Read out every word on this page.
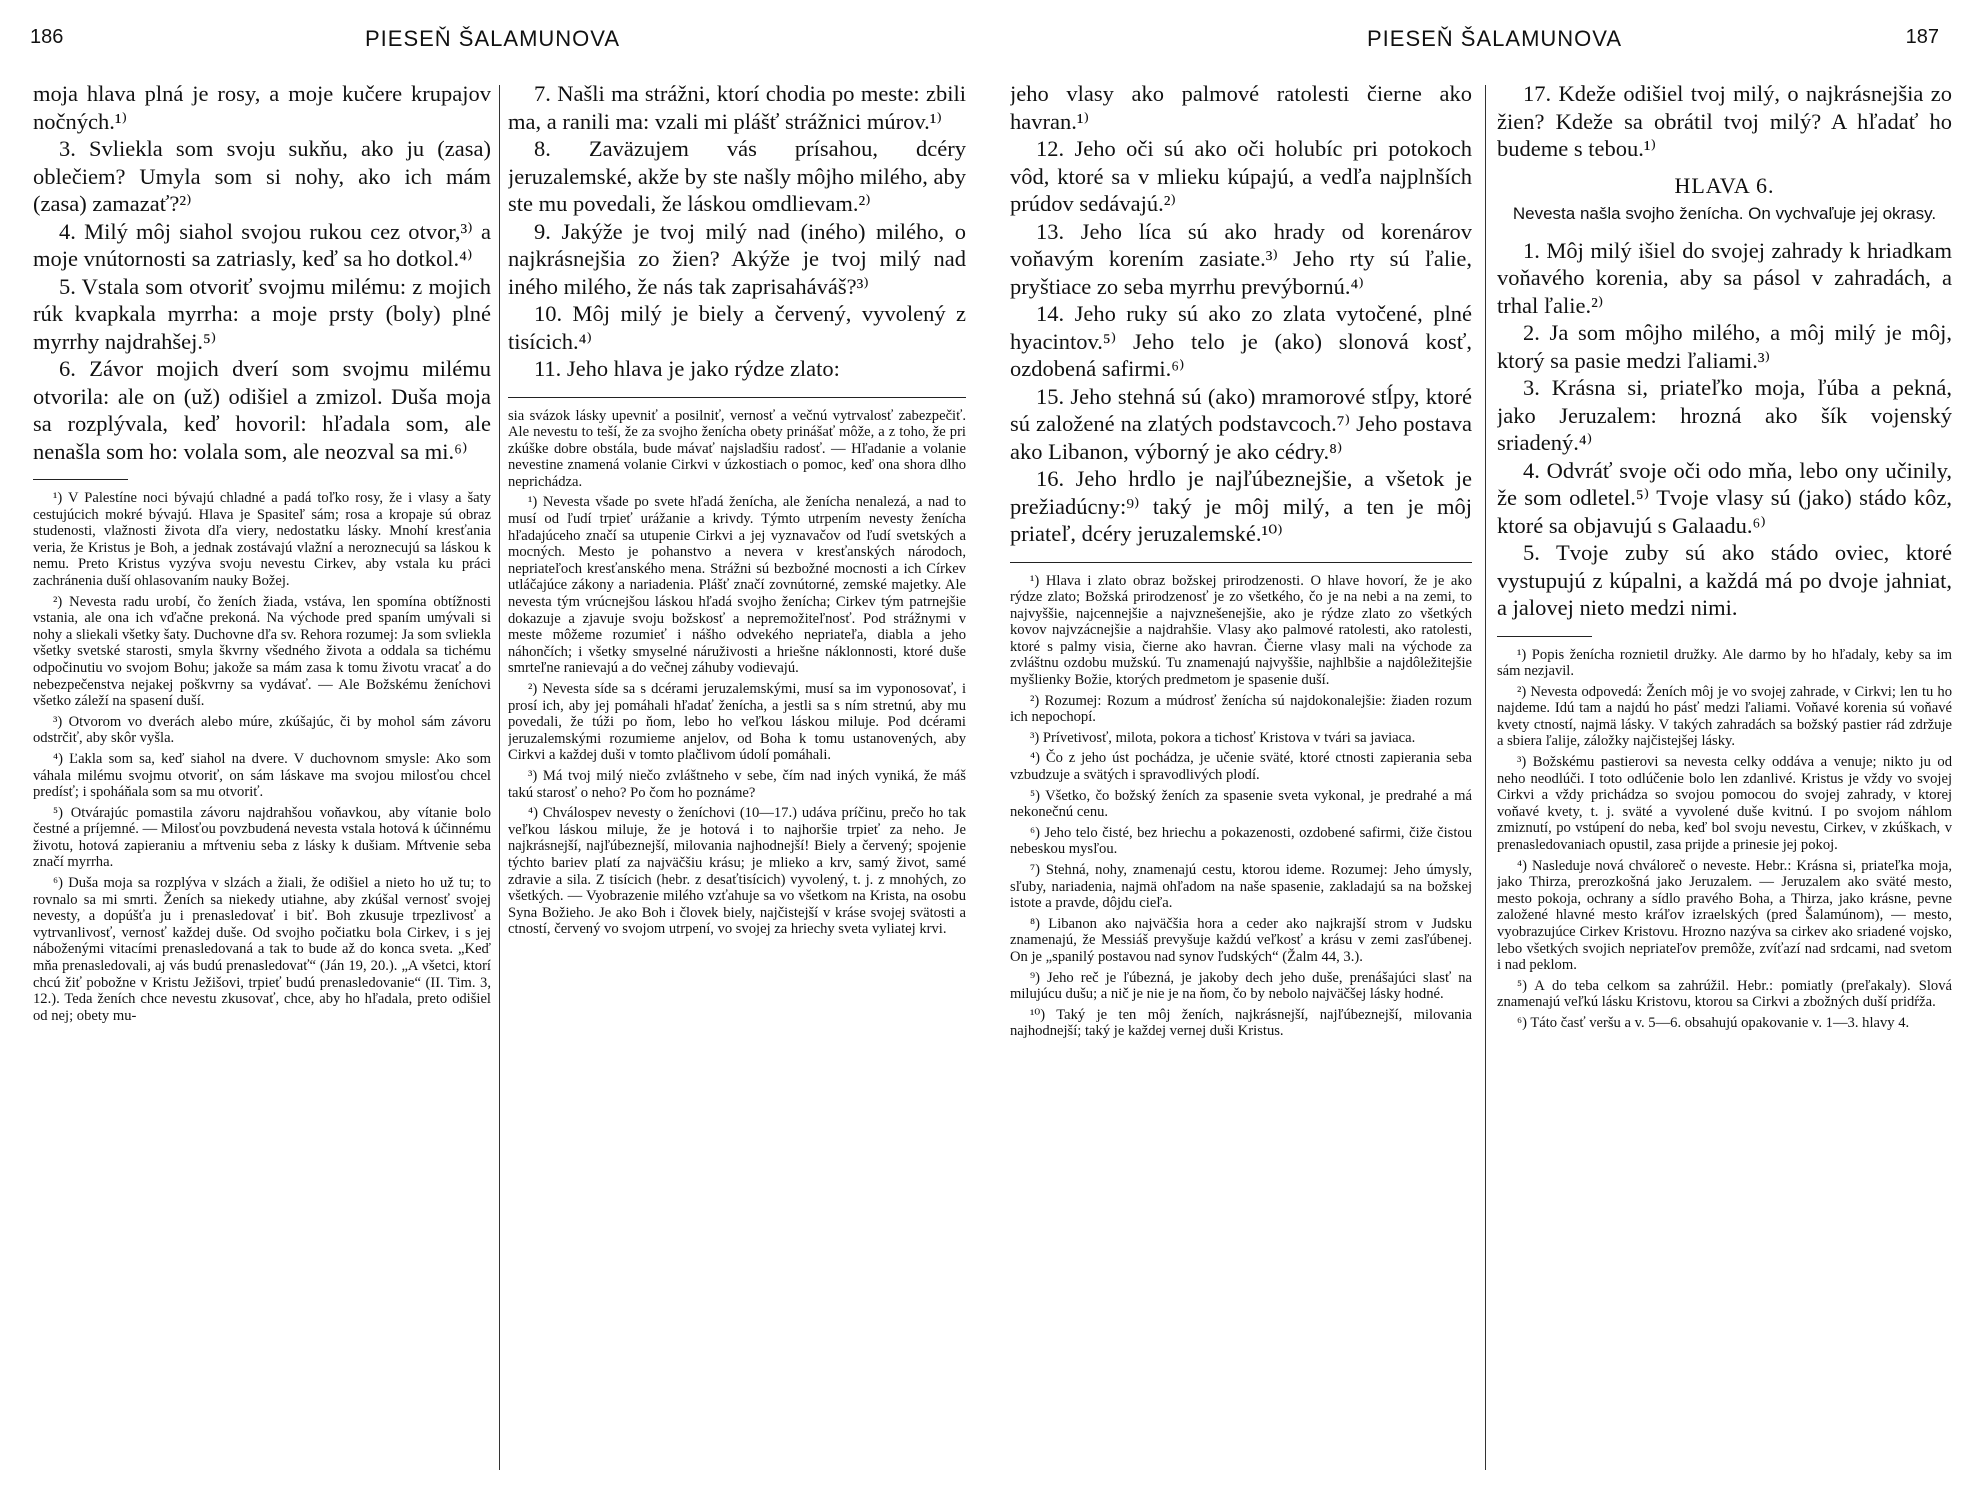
186	PIESEŇ ŠALAMUNOVA

moja hlava plná je rosy, a moje kučere krupajov nočných.¹⁾

3. Svliekla som svoju sukňu, ako ju (zasa) oblečiem? Umyla som si nohy, ako ich mám (zasa) zamazať?²⁾

4. Milý môj siahol svojou rukou cez otvor,³⁾ a moje vnútornosti sa zatriasly, keď sa ho dotkol.⁴⁾

5. Vstala som otvoriť svojmu milému: z mojich rúk kvapkala myrrha: a moje prsty (boly) plné myrrhy najdrahšej.⁵⁾

6. Závor mojich dverí som svojmu milému otvorila: ale on (už) odišiel a zmizol. Duša moja sa rozplývala, keď hovoril: hľadala som, ale nenašla som ho: volala som, ale neozval sa mi.⁶⁾

¹) V Palestíne noci bývajú chladné a padá toľko rosy, že i vlasy a šaty cestujúcich mokré bývajú. Hlava je Spasiteľ sám; rosa a kropaje sú obraz studenosti, vlažnosti života dľa viery, nedostatku lásky. Mnohí kresťania veria, že Kristus je Boh, a jednak zostávajú vlažní a neroznecujú sa láskou k nemu. Preto Kristus vyzýva svoju nevestu Cirkev, aby vstala ku práci zachránenia duší ohlasovaním nauky Božej.

²) Nevesta radu urobí, čo ženích žiada, vstáva, len spomína obtížnosti vstania, ale ona ich vďačne prekoná. Na východe pred spaním umývali si nohy a sliekali všetky šaty. Duchovne dľa sv. Rehora rozumej: Ja som svliekla všetky svetské starosti, smyla škvrny všedného života a oddala sa tichému odpočinutiu vo svojom Bohu; jakože sa mám zasa k tomu životu vracať a do nebezpečenstva nejakej poškvrny sa vydávať. — Ale Božskému ženíchovi všetko záleží na spasení duší.

³) Otvorom vo dverách alebo múre, zkúšajúc, či by mohol sám závoru odstrčiť, aby skôr vyšla.

⁴) Ľakla som sa, keď siahol na dvere. V duchovnom smysle: Ako som váhala milému svojmu otvoriť, on sám láskave ma svojou milosťou chcel predísť; i spoháňala som sa mu otvoriť.

⁵) Otvárajúc pomastila závoru najdrahšou voňavkou, aby vítanie bolo čestné a príjemné. — Milosťou povzbudená nevesta vstala hotová k účinnému životu, hotová zapieraniu a mŕtveniu seba z lásky k dušiam. Mŕtvenie seba značí myrrha.

⁶) Duša moja sa rozplýva v slzách a žiali, že odišiel a nieto ho už tu; to rovnalo sa mi smrti. Ženích sa niekedy utiahne, aby zkúšal vernosť svojej nevesty, a dopúšťa ju i prenasledovať i biť. Boh zkusuje trpezlivosť a vytrvanlivosť, vernosť každej duše. Od svojho počiatku bola Cirkev, i s jej náboženými vitacími prenasledovaná a tak to bude až do konca sveta. „Keď mňa prenasledovali, aj vás budú prenasledovať“ (Ján 19, 20.). „A všetci, ktorí chcú žiť pobožne v Kristu Ježišovi, trpieť budú prenasledovanie“ (II. Tim. 3, 12.). Teda ženích chce nevestu zkusovať, chce, aby ho hľadala, preto odišiel od nej; obety mu-

7. Našli ma strážni, ktorí chodia po meste: zbili ma, a ranili ma: vzali mi plášť strážnici múrov.¹⁾

8. Zaväzujem vás prísahou, dcéry jeruzalemské, akže by ste našly môjho milého, aby ste mu povedali, že láskou omdlievam.²⁾

9. Jakýže je tvoj milý nad (iného) milého, o najkrásnejšia zo žien? Akýže je tvoj milý nad iného milého, že nás tak zaprisaháváš?³⁾

10. Môj milý je biely a červený, vyvolený z tisícich.⁴⁾

11. Jeho hlava je jako rýdze zlato:

sia svázok lásky upevniť a posilniť, vernosť a večnú vytrvalosť zabezpečiť. Ale nevestu to teší, že za svojho ženícha obety prinášať môže, a z toho, že pri zkúške dobre obstála, bude mávať najsladšiu radosť. — Hľadanie a volanie nevestine znamená volanie Cirkvi v úzkostiach o pomoc, keď ona shora dlho neprichádza.

¹) Nevesta všade po svete hľadá ženícha, ale ženícha nenalezá, a nad to musí od ľudí trpieť urážanie a krivdy. Týmto utrpením nevesty ženícha hľadajúceho značí sa utupenie Cirkvi a jej vyznavačov od ľudí svetských a mocných. Mesto je pohanstvo a nevera v kresťanských národoch, nepriateľoch kresťanského mena. Strážni sú bezbožné mocnosti a ich Církev utláčajúce zákony a nariadenia. Plášť značí zovnútorné, zemské majetky. Ale nevesta tým vrúcnejšou láskou hľadá svojho ženícha; Cirkev tým patrnejšie dokazuje a zjavuje svoju božskosť a nepremožiteľnosť. Pod strážnymi v meste môžeme rozumieť i nášho odvekého nepriateľa, diabla a jeho náhončích; i všetky smyselné náruživosti a hriešne náklonnosti, ktoré duše smrteľne ranievajú a do večnej záhuby vodievajú.

²) Nevesta síde sa s dcérami jeruzalemskými, musí sa im vyponosovať, i prosí ich, aby jej pomáhali hľadať ženícha, a jestli sa s ním stretnú, aby mu povedali, že túži po ňom, lebo ho veľkou láskou miluje. Pod dcérami jeruzalemskými rozumieme anjelov, od Boha k tomu ustanovených, aby Cirkvi a každej duši v tomto plačlivom údolí pomáhali.

³) Má tvoj milý niečo zvláštneho v sebe, čím nad iných vyniká, že máš takú starosť o neho? Po čom ho poznáme?

⁴) Chválospev nevesty o ženíchovi (10—17.) udáva príčinu, prečo ho tak veľkou láskou miluje, že je hotová i to najhoršie trpieť za neho. Je najkrásnejší, najľúbeznejší, milovania najhodnejší! Biely a červený; spojenie týchto bariev platí za najväčšiu krásu; je mlieko a krv, samý život, samé zdravie a sila. Z tisícich (hebr. z desaťtisícich) vyvolený, t. j. z mnohých, zo všetkých. — Vyobrazenie milého vzťahuje sa vo všetkom na Krista, na osobu Syna Božieho. Je ako Boh i človek biely, najčistejší v kráse svojej svätosti a ctností, červený vo svojom utrpení, vo svojej za hriechy sveta vyliatej krvi.

PIESEŇ ŠALAMUNOVA	187

jeho vlasy ako palmové ratolesti čierne ako havran.¹⁾

12. Jeho oči sú ako oči holubíc pri potokoch vôd, ktoré sa v mlieku kúpajú, a vedľa najplnších prúdov sedávajú.²⁾

13. Jeho líca sú ako hrady od korenárov voňavým korením zasiate.³⁾ Jeho rty sú ľalie, pryštiace zo seba myrrhu prevýbornú.⁴⁾

14. Jeho ruky sú ako zo zlata vytočené, plné hyacintov.⁵⁾ Jeho telo je (ako) slonová kosť, ozdobená safirmi.⁶⁾

15. Jeho stehná sú (ako) mramorové stĺpy, ktoré sú založené na zlatých podstavcoch.⁷⁾ Jeho postava ako Libanon, výborný je ako cédry.⁸⁾

16. Jeho hrdlo je najľúbeznejšie, a všetok je prežiadúcny:⁹⁾ taký je môj milý, a ten je môj priateľ, dcéry jeruzalemské.¹⁰⁾

¹) Hlava i zlato obraz božskej prirodzenosti. O hlave hovorí, že je ako rýdze zlato; Božská prirodzenosť je zo všetkého, čo je na nebi a na zemi, to najvyššie, najcennejšie a najvznešenejšie, ako je rýdze zlato zo všetkých kovov najvzácnejšie a najdrahšie. Vlasy ako palmové ratolesti, ako ratolesti, ktoré s palmy visia, čierne ako havran. Čierne vlasy mali na východe za zvláštnu ozdobu mužskú. Tu znamenajú najvyššie, najhlbšie a najdôležitejšie myšlienky Božie, ktorých predmetom je spasenie duší.

²) Rozumej: Rozum a múdrosť ženícha sú najdokonalejšie: žiaden rozum ich nepochopí.

³) Prívetivosť, milota, pokora a tichosť Kristova v tvári sa javiaca.

⁴) Čo z jeho úst pochádza, je učenie sväté, ktoré ctnosti zapierania seba vzbudzuje a svätých i spravodlivých plodí.

⁵) Všetko, čo božský ženích za spasenie sveta vykonal, je predrahé a má nekonečnú cenu.

⁶) Jeho telo čisté, bez hriechu a pokazenosti, ozdobené safirmi, čiže čistou nebeskou mysľou.

⁷) Stehná, nohy, znamenajú cestu, ktorou ideme. Rozumej: Jeho úmysly, sľuby, nariadenia, najmä ohľadom na naše spasenie, zakladajú sa na božskej istote a pravde, dôjdu cieľa.

⁸) Libanon ako najväčšia hora a ceder ako najkrajší strom v Judsku znamenajú, že Messiáš prevyšuje každú veľkosť a krásu v zemi zasľúbenej. On je „spanilý postavou nad synov ľudských“ (Žalm 44, 3.).

⁹) Jeho reč je ľúbezná, je jakoby dech jeho duše, prenášajúci slasť na milujúcu dušu; a nič je nie je na ňom, čo by nebolo najväčšej lásky hodné.

¹⁰) Taký je ten môj ženích, najkrásnejší, najľúbeznejší, milovania najhodnejší; taký je každej vernej duši Kristus.

17. Kdeže odišiel tvoj milý, o najkrásnejšia zo žien? Kdeže sa obrátil tvoj milý? A hľadať ho budeme s tebou.¹⁾

HLAVA 6.
Nevesta našla svojho ženícha. On vychvaľuje jej okrasy.

1. Môj milý išiel do svojej zahrady k hriadkam voňavého korenia, aby sa pásol v zahradách, a trhal ľalie.²⁾

2. Ja som môjho milého, a môj milý je môj, ktorý sa pasie medzi ľaliami.³⁾

3. Krásna si, priateľko moja, ľúba a pekná, jako Jeruzalem: hrozná ako šík vojenský sriadený.⁴⁾

4. Odvráť svoje oči odo mňa, lebo ony učinily, že som odletel.⁵⁾ Tvoje vlasy sú (jako) stádo kôz, ktoré sa objavujú s Galaadu.⁶⁾

5. Tvoje zuby sú ako stádo oviec, ktoré vystupujú z kúpalni, a každá má po dvoje jahniat, a jalovej nieto medzi nimi.

¹) Popis ženícha roznietil družky. Ale darmo by ho hľadaly, keby sa im sám nezjavil.

²) Nevesta odpovedá: Ženích môj je vo svojej zahrade, v Cirkvi; len tu ho najdeme. Idú tam a najdú ho pásť medzi ľaliami. Voňavé korenia sú voňavé kvety ctností, najmä lásky. V takých zahradách sa božský pastier rád zdržuje a sbiera ľalije, záložky najčistejšej lásky.

³) Božskému pastierovi sa nevesta celky oddáva a venuje; nikto ju od neho neodlúči. I toto odlúčenie bolo len zdanlivé. Kristus je vždy vo svojej Cirkvi a vždy prichádza so svojou pomocou do svojej zahrady, v ktorej voňavé kvety, t. j. sväté a vyvolené duše kvitnú. I po svojom náhlom zmiznutí, po vstúpení do neba, keď bol svoju nevestu, Cirkev, v zkúškach, v prenasledovaniach opustil, zasa prijde a prinesie jej pokoj.

⁴) Nasleduje nová chváloreč o neveste. Hebr.: Krásna si, priateľka moja, jako Thirza, prerozkošná jako Jeruzalem. — Jeruzalem ako sväté mesto, mesto pokoja, ochrany a sídlo pravého Boha, a Thirza, jako krásne, pevne založené hlavné mesto kráľov izraelských (pred Šalamúnom), — mesto, vyobrazujúce Cirkev Kristovu. Hrozno nazýva sa cirkev ako sriadené vojsko, lebo všetkých svojich nepriateľov premôže, zvíťazí nad srdcami, nad svetom i nad peklom.

⁵) A do teba celkom sa zahrúžil. Hebr.: pomiatly (preľakaly). Slová znamenajú veľkú lásku Kristovu, ktorou sa Cirkvi a zbožných duší pridŕža.

⁶) Táto časť veršu a v. 5—6. obsahujú opakovanie v. 1—3. hlavy 4.
